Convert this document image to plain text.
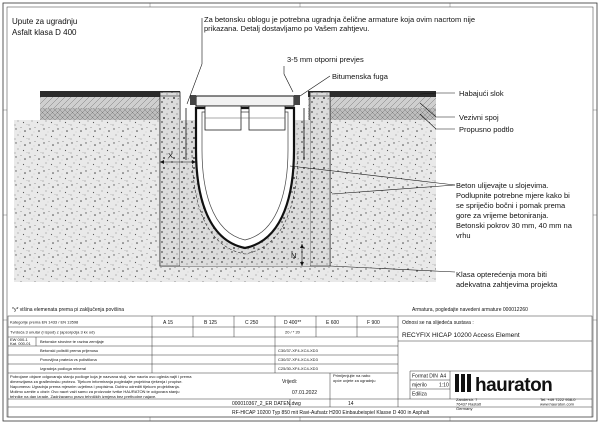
Upute za ugradnju
Asfalt klasa D 400
Za betonsku oblogu je potrebna ugradnja čelične armature koja ovim nacrtom nije
prikazana. Detalj dostavljamo po Vašem zahtjevu.
X
N
3-5 mm otporni prevjes
Bitumenska fuga
Habajući slok
Vezivni spoj
Propusno podtlo
Beton ulijevajte u slojevima.
Podlupnite potrebne mjere kako bi
se spriječio bočni i pomak prema
gore za vrijeme betoniranja.
Betonski pokrov 30 mm, 40 mm na
vrhu
Klasa opterećenja mora biti
adekvatna zahtjevima projekta
*y* višina elemenata prema pi zaključenja povišina	Armatura, pogledajte navedeni armature 000012260
Kategorije prema EN 1433 / EN 13598	A 15	B 125	C 250	D 400**	E 600	F 900
Tvrdoća 3 unutar (i ispod) z (apsorpcija 3 kx od)	20 / * 20
EW 000-1
Kat. 000-01 Betonske sirovine te razina zemljaje
Betonski polistili prema prijenosu	C30/37-XF4-XC4-XD3
Ponovljiva prateća vs polistilona	C30/37-XF4-XC4-XD3
Izgradnja podloga mineral	C25/30-XF4-XC4-XD3
Pobrojane objave odgovaraju stanju podloge koja je nazvana stoji, vise nacrta ovo ogleda najti i prema
dimenzijama za građevinsku protezu. Tijekom informiranja pogledajte projektna rješenja i propise.
Napomena: Ugradnja prema mjesnim uvjetima i propisima. Dubinu odrediti tijekom projektiranja.
Molimo uzmite u obzir: Ovo nacrt važi samo za proizvode tvrtke HAURATON te odgovara stanju
tehnike na dan izrade. Zadržavamo pravo tehničkih izmjena bez prethodne najave.
Odnosi se na slijedeća sustava :
RECYFIX HICAP 10200 Access Element
Primijenjujte na nabo
opće uvjete za ugradnju
Vrijedi:
07.01.2022
Format DIN A4
mjerilo 1:10
Ediliza
000010367_2_ER DATEN.dwg	14
RF-HICAP 10200 Typ 850 mit Ravi-Aufsatz H200 Einbaubeispiel Klasse D 400 in Asphalt
hauraton
Zanderstr. 7
76437 Rastatt
Germany
Tel. +49 7222 958-0
www.hauraton.com
